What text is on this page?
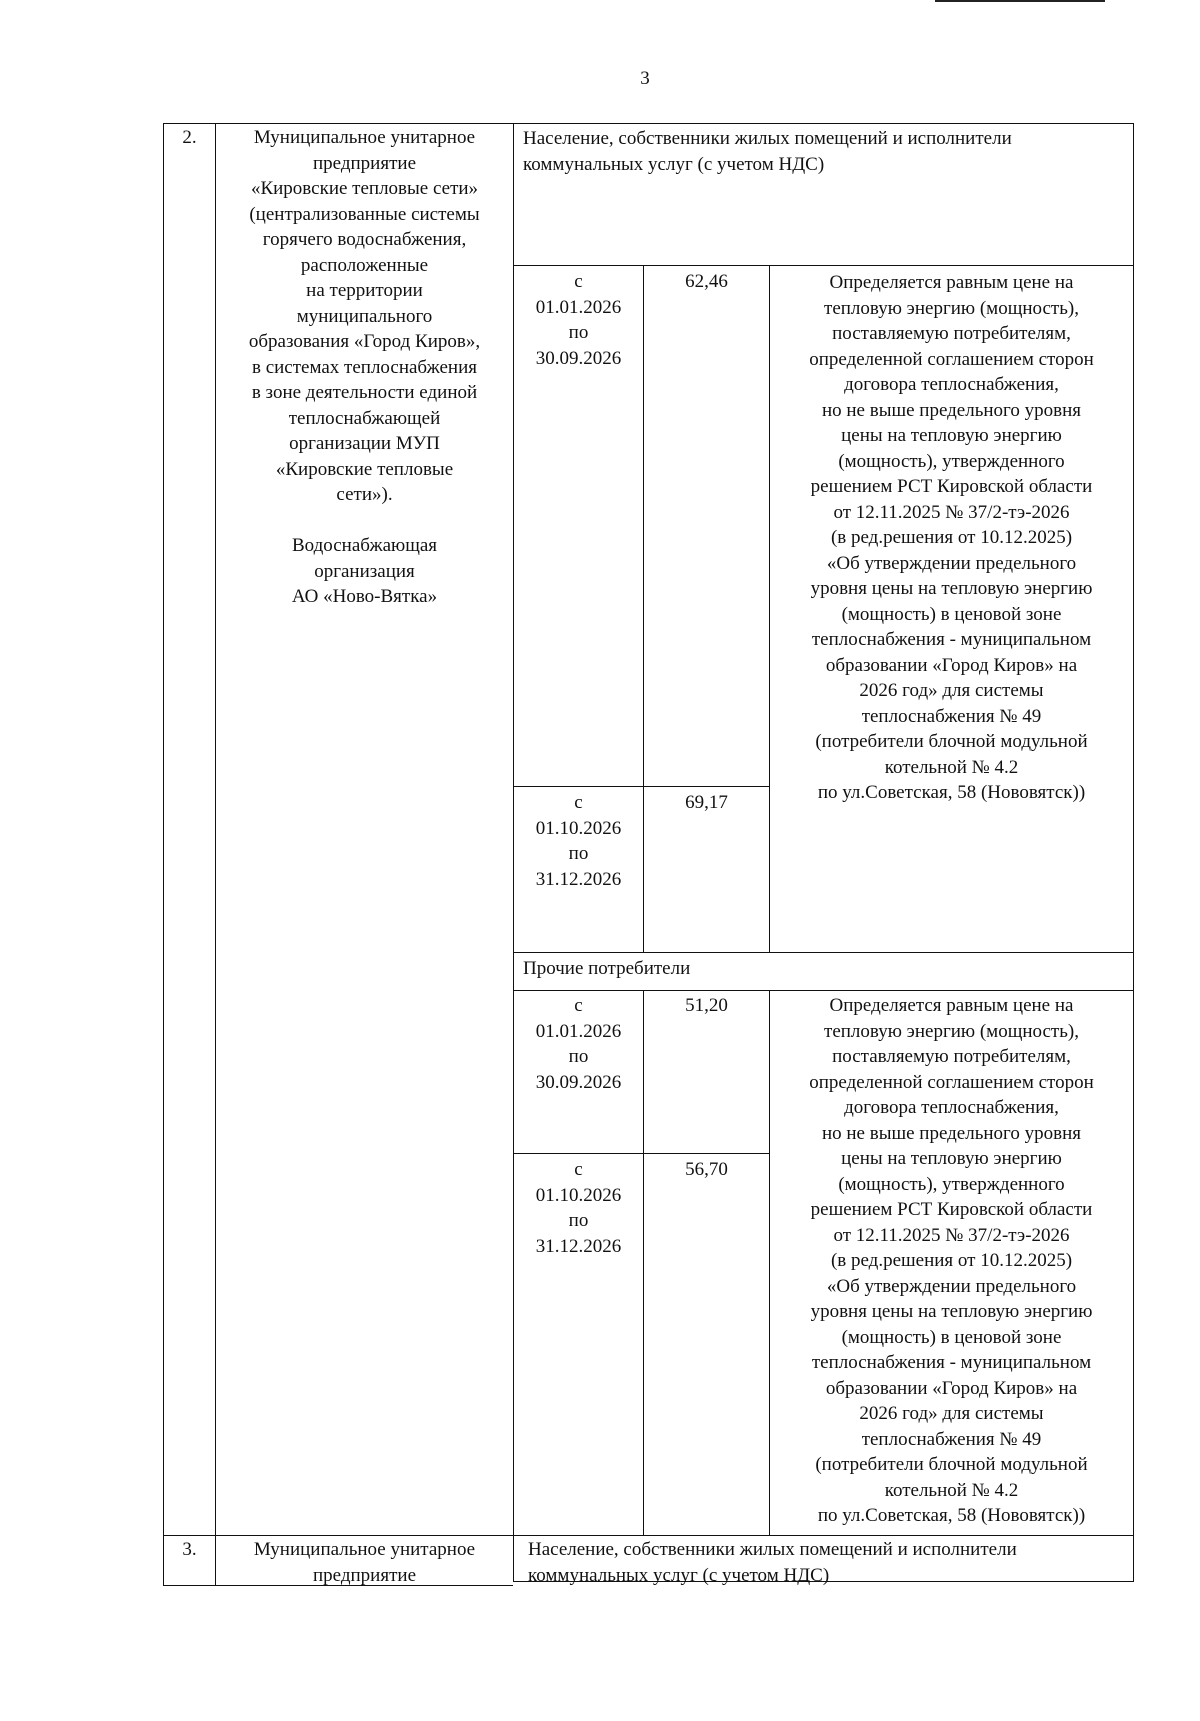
3
2.	Муниципальное унитарное
предприятие
«Кировские тепловые сети»
(централизованные системы
горячего водоснабжения,
расположенные
на территории
муниципального
образования «Город Киров»,
в системах теплоснабжения
в зоне деятельности единой
теплоснабжающей
организации МУП
«Кировские тепловые
сети»).

Водоснабжающая
организация
АО «Ново-Вятка»
Население, собственники жилых помещений и исполнители
коммунальных услуг (с учетом НДС)
с
01.01.2026
по
30.09.2026
62,46
с
01.10.2026
по
31.12.2026
69,17
Определяется равным цене на
тепловую энергию (мощность),
поставляемую потребителям,
определенной соглашением сторон
договора теплоснабжения,
но не выше предельного уровня
цены на тепловую энергию
(мощность), утвержденного
решением РСТ Кировской области
от 12.11.2025 № 37/2-тэ-2026
(в ред.решения от 10.12.2025)
«Об утверждении предельного
уровня цены на тепловую энергию
(мощность) в ценовой зоне
теплоснабжения - муниципальном
образовании «Город Киров» на
2026 год» для системы
теплоснабжения № 49
(потребители блочной модульной
котельной № 4.2
по ул.Советская, 58 (Нововятск))
Прочие потребители
с
01.01.2026
по
30.09.2026
51,20
с
01.10.2026
по
31.12.2026
56,70
Определяется равным цене на
тепловую энергию (мощность),
поставляемую потребителям,
определенной соглашением сторон
договора теплоснабжения,
но не выше предельного уровня
цены на тепловую энергию
(мощность), утвержденного
решением РСТ Кировской области
от 12.11.2025 № 37/2-тэ-2026
(в ред.решения от 10.12.2025)
«Об утверждении предельного
уровня цены на тепловую энергию
(мощность) в ценовой зоне
теплоснабжения - муниципальном
образовании «Город Киров» на
2026 год» для системы
теплоснабжения № 49
(потребители блочной модульной
котельной № 4.2
по ул.Советская, 58 (Нововятск))
3.	Муниципальное унитарное
предприятие
Население, собственники жилых помещений и исполнители
коммунальных услуг (с учетом НДС)
